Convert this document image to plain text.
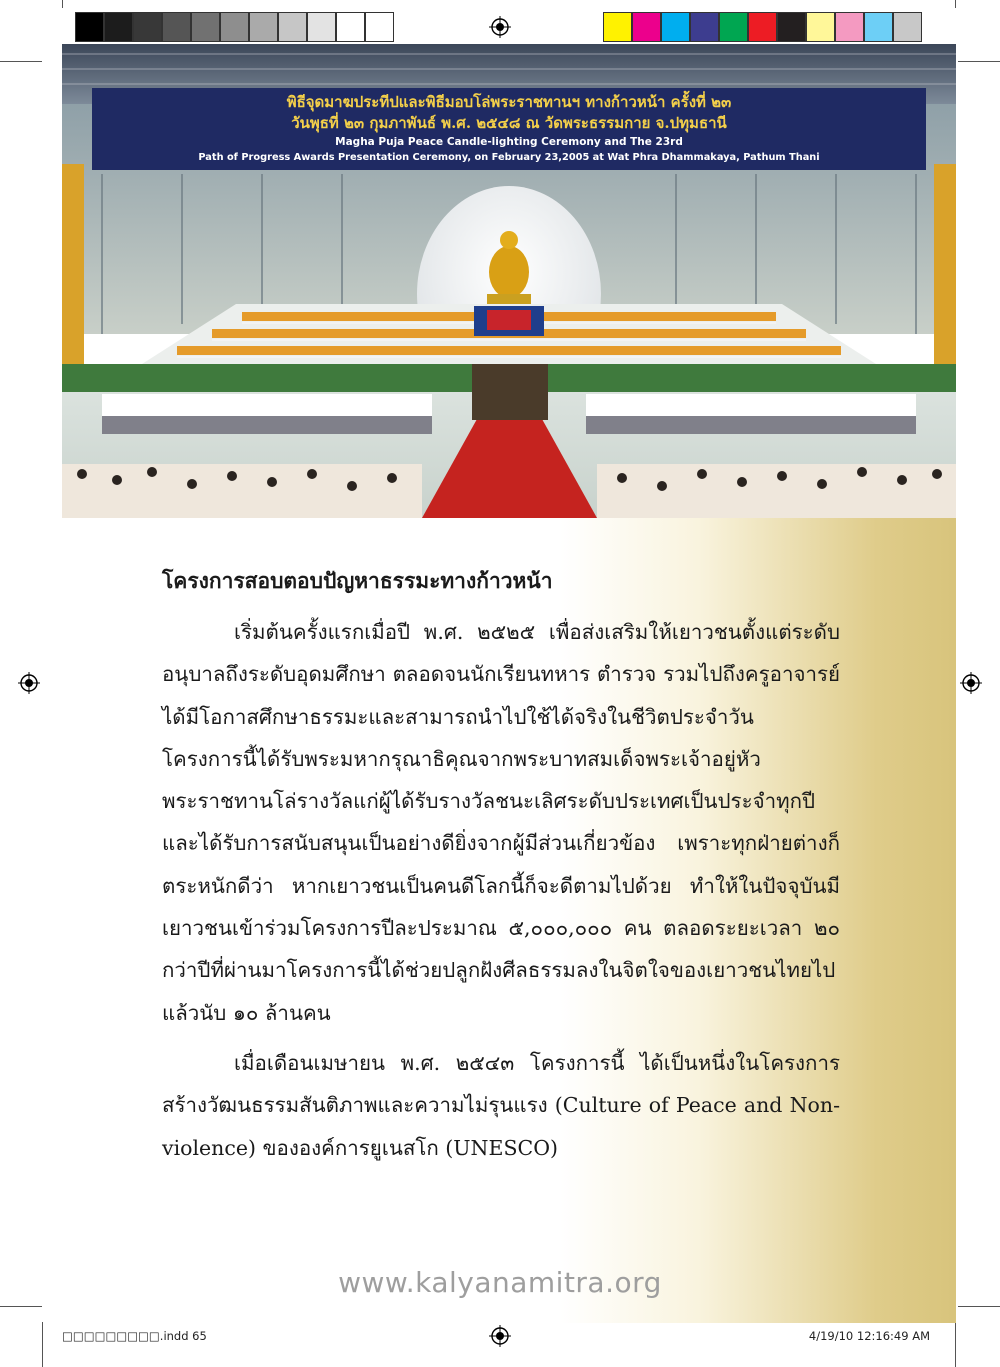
พิธีจุดมาฆประทีปและพิธีมอบโล่พระราชทานฯ ทางก้าวหน้า ครั้งที่ ๒๓
วันพุธที่ ๒๓ กุมภาพันธ์ พ.ศ. ๒๕๔๘ ณ วัดพระธรรมกาย จ.ปทุมธานี
Magha Puja Peace Candle-lighting Ceremony and The 23rd
Path of Progress Awards Presentation Ceremony, on February 23,2005 at Wat Phra Dhammakaya, Pathum Thani
โครงการสอบตอบปัญหาธรรมะทางก้าวหน้า

เริ่มต้นครั้งแรกเมื่อปี พ.ศ. ๒๕๒๕ เพื่อส่งเสริมให้เยาวชนตั้งแต่ระดับอนุบาลถึงระดับอุดมศึกษา ตลอดจนนักเรียนทหาร ตำรวจ รวมไปถึงครูอาจารย์ ได้มีโอกาสศึกษาธรรมะและสามารถนำไปใช้ได้จริงในชีวิตประจำวัน โครงการนี้ได้รับพระมหากรุณาธิคุณจากพระบาทสมเด็จพระเจ้าอยู่หัว พระราชทานโล่รางวัลแก่ผู้ได้รับรางวัลชนะเลิศระดับประเทศเป็นประจำทุกปี และได้รับการสนับสนุนเป็นอย่างดียิ่งจากผู้มีส่วนเกี่ยวข้อง เพราะทุกฝ่ายต่างก็ตระหนักดีว่า หากเยาวชนเป็นคนดีโลกนี้ก็จะดีตามไปด้วย ทำให้ในปัจจุบันมีเยาวชนเข้าร่วมโครงการปีละประมาณ ๕,๐๐๐,๐๐๐ คน ตลอดระยะเวลา ๒๐ กว่าปีที่ผ่านมาโครงการนี้ได้ช่วยปลูกฝังศีลธรรมลงในจิตใจของเยาวชนไทยไปแล้วนับ ๑๐ ล้านคน

เมื่อเดือนเมษายน พ.ศ. ๒๕๔๓ โครงการนี้ ได้เป็นหนึ่งในโครงการสร้างวัฒนธรรมสันติภาพและความไม่รุนแรง (Culture of Peace and Non-violence) ขององค์การยูเนสโก (UNESCO)

www.kalyanamitra.org
□□□□□□□□□.indd 65	4/19/10 12:16:49 AM
